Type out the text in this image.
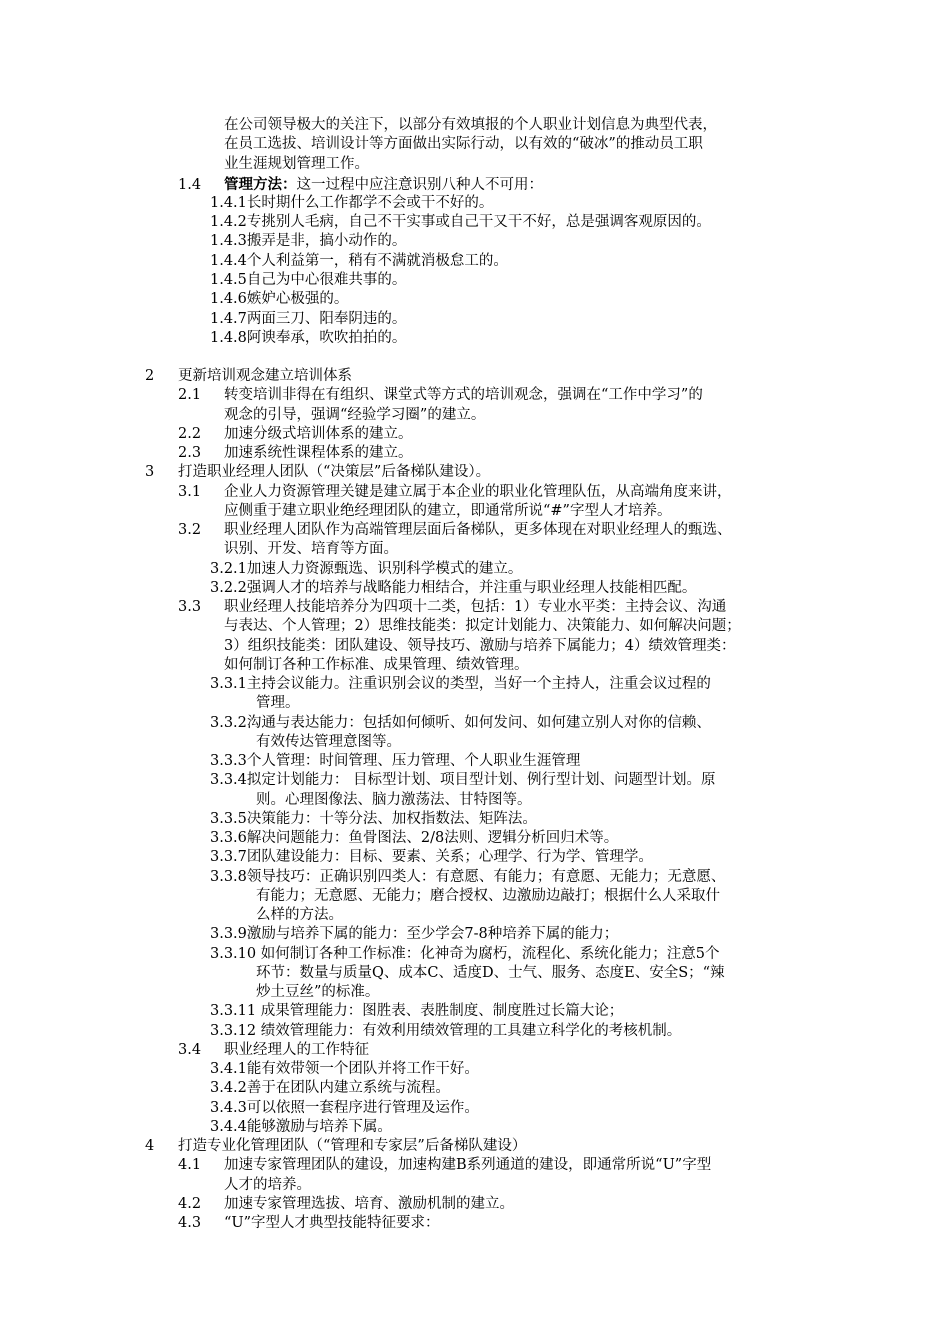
在公司领导极大的关注下，以部分有效填报的个人职业计划信息为典型代表，
在员工选拔、培训设计等方面做出实际行动，以有效的“破冰”的推动员工职
业生涯规划管理工作。
1.4 管理方法：这一过程中应注意识别八种人不可用：
1.4.1长时期什么工作都学不会或干不好的。
1.4.2专挑别人毛病，自己不干实事或自己干又干不好，总是强调客观原因的。
1.4.3搬弄是非，搞小动作的。
1.4.4个人利益第一，稍有不满就消极怠工的。
1.4.5自己为中心很难共事的。
1.4.6嫉妒心极强的。
1.4.7两面三刀、阳奉阴违的。
1.4.8阿谀奉承，吹吹拍拍的。
2 更新培训观念建立培训体系
2.1 转变培训非得在有组织、课堂式等方式的培训观念，强调在“工作中学习”的
观念的引导，强调“经验学习圈”的建立。
2.2 加速分级式培训体系的建立。
2.3 加速系统性课程体系的建立。
3 打造职业经理人团队（“决策层”后备梯队建设）。
3.1 企业人力资源管理关键是建立属于本企业的职业化管理队伍，从高端角度来讲，
应侧重于建立职业绝经理团队的建立，即通常所说“#”字型人才培养。
3.2 职业经理人团队作为高端管理层面后备梯队，更多体现在对职业经理人的甄选、
识别、开发、培育等方面。
3.2.1加速人力资源甄选、识别科学模式的建立。
3.2.2强调人才的培养与战略能力相结合，并注重与职业经理人技能相匹配。
3.3 职业经理人技能培养分为四项十二类，包括：1）专业水平类：主持会议、沟通
与表达、个人管理；2）思维技能类：拟定计划能力、决策能力、如何解决问题；
3）组织技能类：团队建设、领导技巧、激励与培养下属能力；4）绩效管理类：
如何制订各种工作标准、成果管理、绩效管理。
3.3.1主持会议能力。注重识别会议的类型，当好一个主持人，注重会议过程的
管理。
3.3.2沟通与表达能力：包括如何倾听、如何发问、如何建立别人对你的信赖、
有效传达管理意图等。
3.3.3个人管理：时间管理、压力管理、个人职业生涯管理
3.3.4拟定计划能力： 目标型计划、项目型计划、例行型计划、问题型计划。原
则。心理图像法、脑力激荡法、甘特图等。
3.3.5决策能力：十等分法、加权指数法、矩阵法。
3.3.6解决问题能力：鱼骨图法、2/8法则、逻辑分析回归术等。
3.3.7团队建设能力：目标、要素、关系；心理学、行为学、管理学。
3.3.8领导技巧：正确识别四类人：有意愿、有能力；有意愿、无能力；无意愿、
有能力；无意愿、无能力；磨合授权、边激励边敲打；根据什么人采取什
么样的方法。
3.3.9激励与培养下属的能力：至少学会7-8种培养下属的能力；
3.3.10 如何制订各种工作标准：化神奇为腐朽，流程化、系统化能力；注意5个
环节：数量与质量Q、成本C、适度D、士气、服务、态度E、安全S；“辣
炒土豆丝”的标准。
3.3.11 成果管理能力：图胜表、表胜制度、制度胜过长篇大论；
3.3.12 绩效管理能力：有效利用绩效管理的工具建立科学化的考核机制。
3.4 职业经理人的工作特征
3.4.1能有效带领一个团队并将工作干好。
3.4.2善于在团队内建立系统与流程。
3.4.3可以依照一套程序进行管理及运作。
3.4.4能够激励与培养下属。
4 打造专业化管理团队（“管理和专家层”后备梯队建设）
4.1 加速专家管理团队的建设，加速构建B系列通道的建设，即通常所说“U”字型
人才的培养。
4.2 加速专家管理选拔、培育、激励机制的建立。
4.3 “U”字型人才典型技能特征要求：
